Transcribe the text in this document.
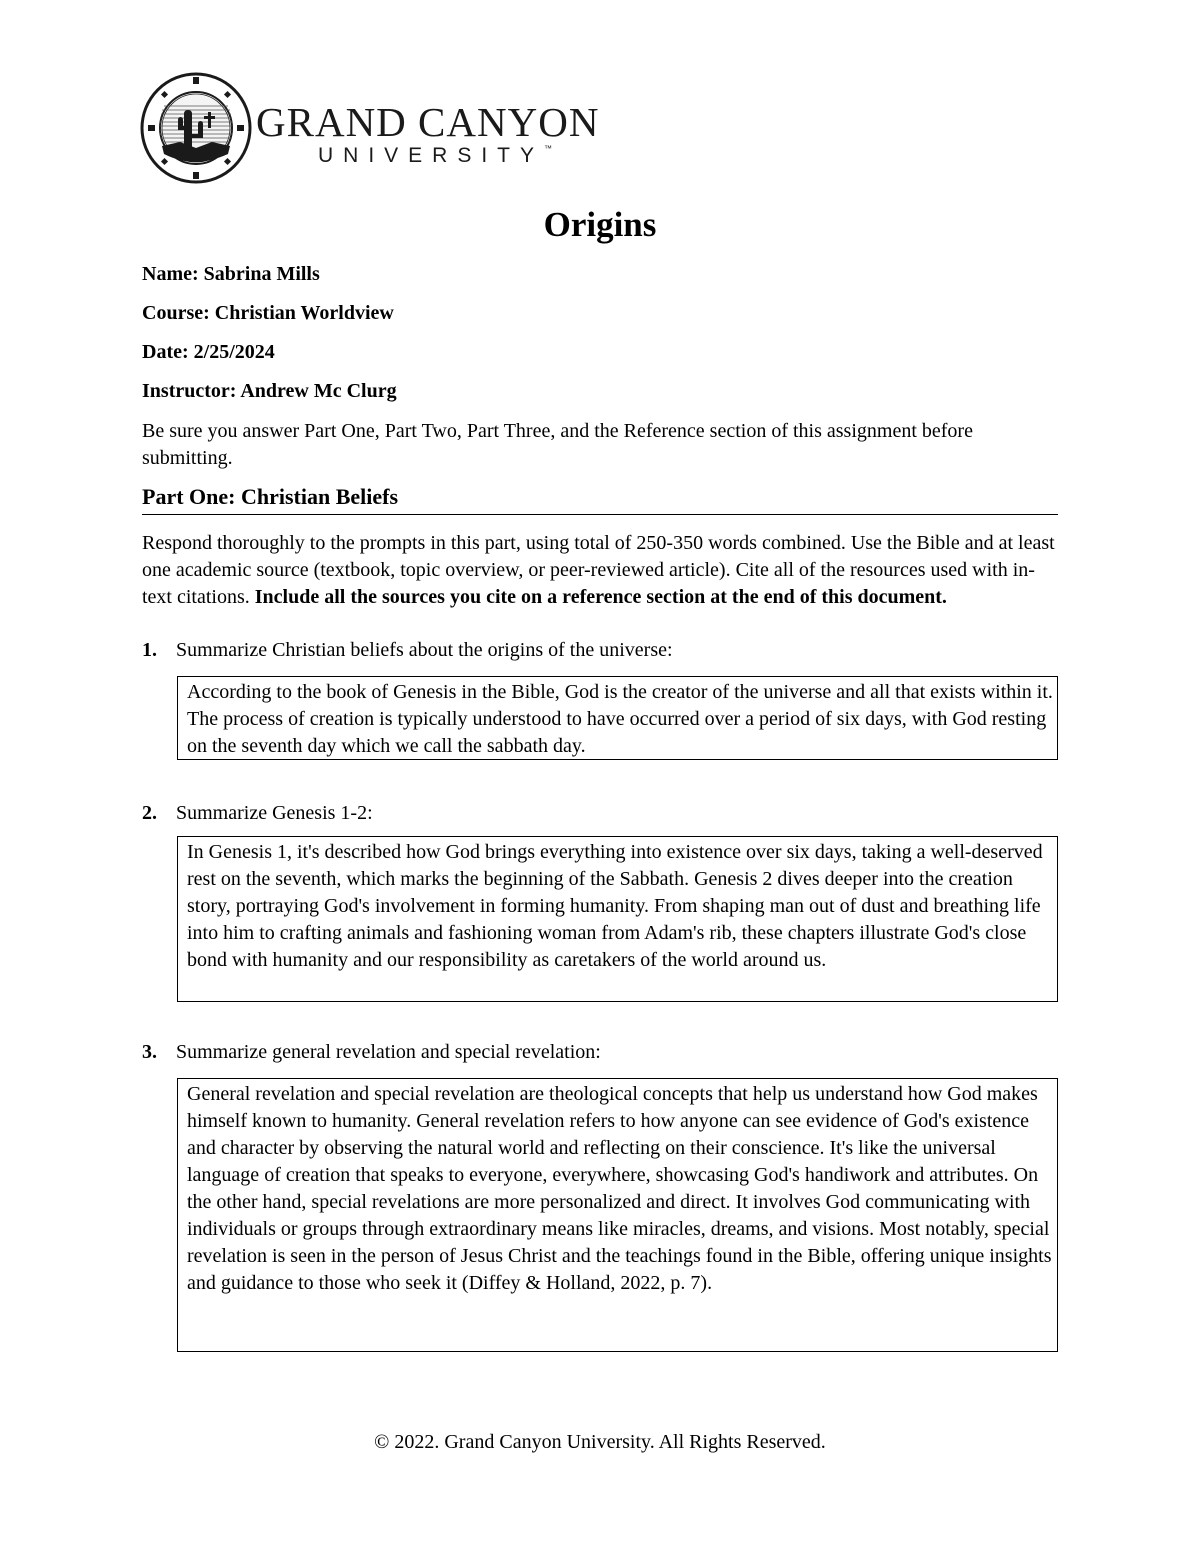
GRAND CANYON
UNIVERSITY™
Origins
Name: Sabrina Mills
Course: Christian Worldview
Date: 2/25/2024
Instructor: Andrew Mc Clurg
Be sure you answer Part One, Part Two, Part Three, and the Reference section of this assignment before submitting.
Part One: Christian Beliefs
Respond thoroughly to the prompts in this part, using total of 250-350 words combined. Use the Bible and at least one academic source (textbook, topic overview, or peer-reviewed article). Cite all of the resources used with in-text citations. Include all the sources you cite on a reference section at the end of this document.
1. Summarize Christian beliefs about the origins of the universe:
According to the book of Genesis in the Bible, God is the creator of the universe and all that exists within it. The process of creation is typically understood to have occurred over a period of six days, with God resting on the seventh day which we call the sabbath day.
2. Summarize Genesis 1-2:
In Genesis 1, it's described how God brings everything into existence over six days, taking a well-deserved rest on the seventh, which marks the beginning of the Sabbath. Genesis 2 dives deeper into the creation story, portraying God's involvement in forming humanity. From shaping man out of dust and breathing life into him to crafting animals and fashioning woman from Adam's rib, these chapters illustrate God's close bond with humanity and our responsibility as caretakers of the world around us.
3. Summarize general revelation and special revelation:
General revelation and special revelation are theological concepts that help us understand how God makes himself known to humanity. General revelation refers to how anyone can see evidence of God's existence and character by observing the natural world and reflecting on their conscience. It's like the universal language of creation that speaks to everyone, everywhere, showcasing God's handiwork and attributes. On the other hand, special revelations are more personalized and direct. It involves God communicating with individuals or groups through extraordinary means like miracles, dreams, and visions. Most notably, special revelation is seen in the person of Jesus Christ and the teachings found in the Bible, offering unique insights and guidance to those who seek it (Diffey & Holland, 2022, p. 7).
© 2022. Grand Canyon University. All Rights Reserved.
